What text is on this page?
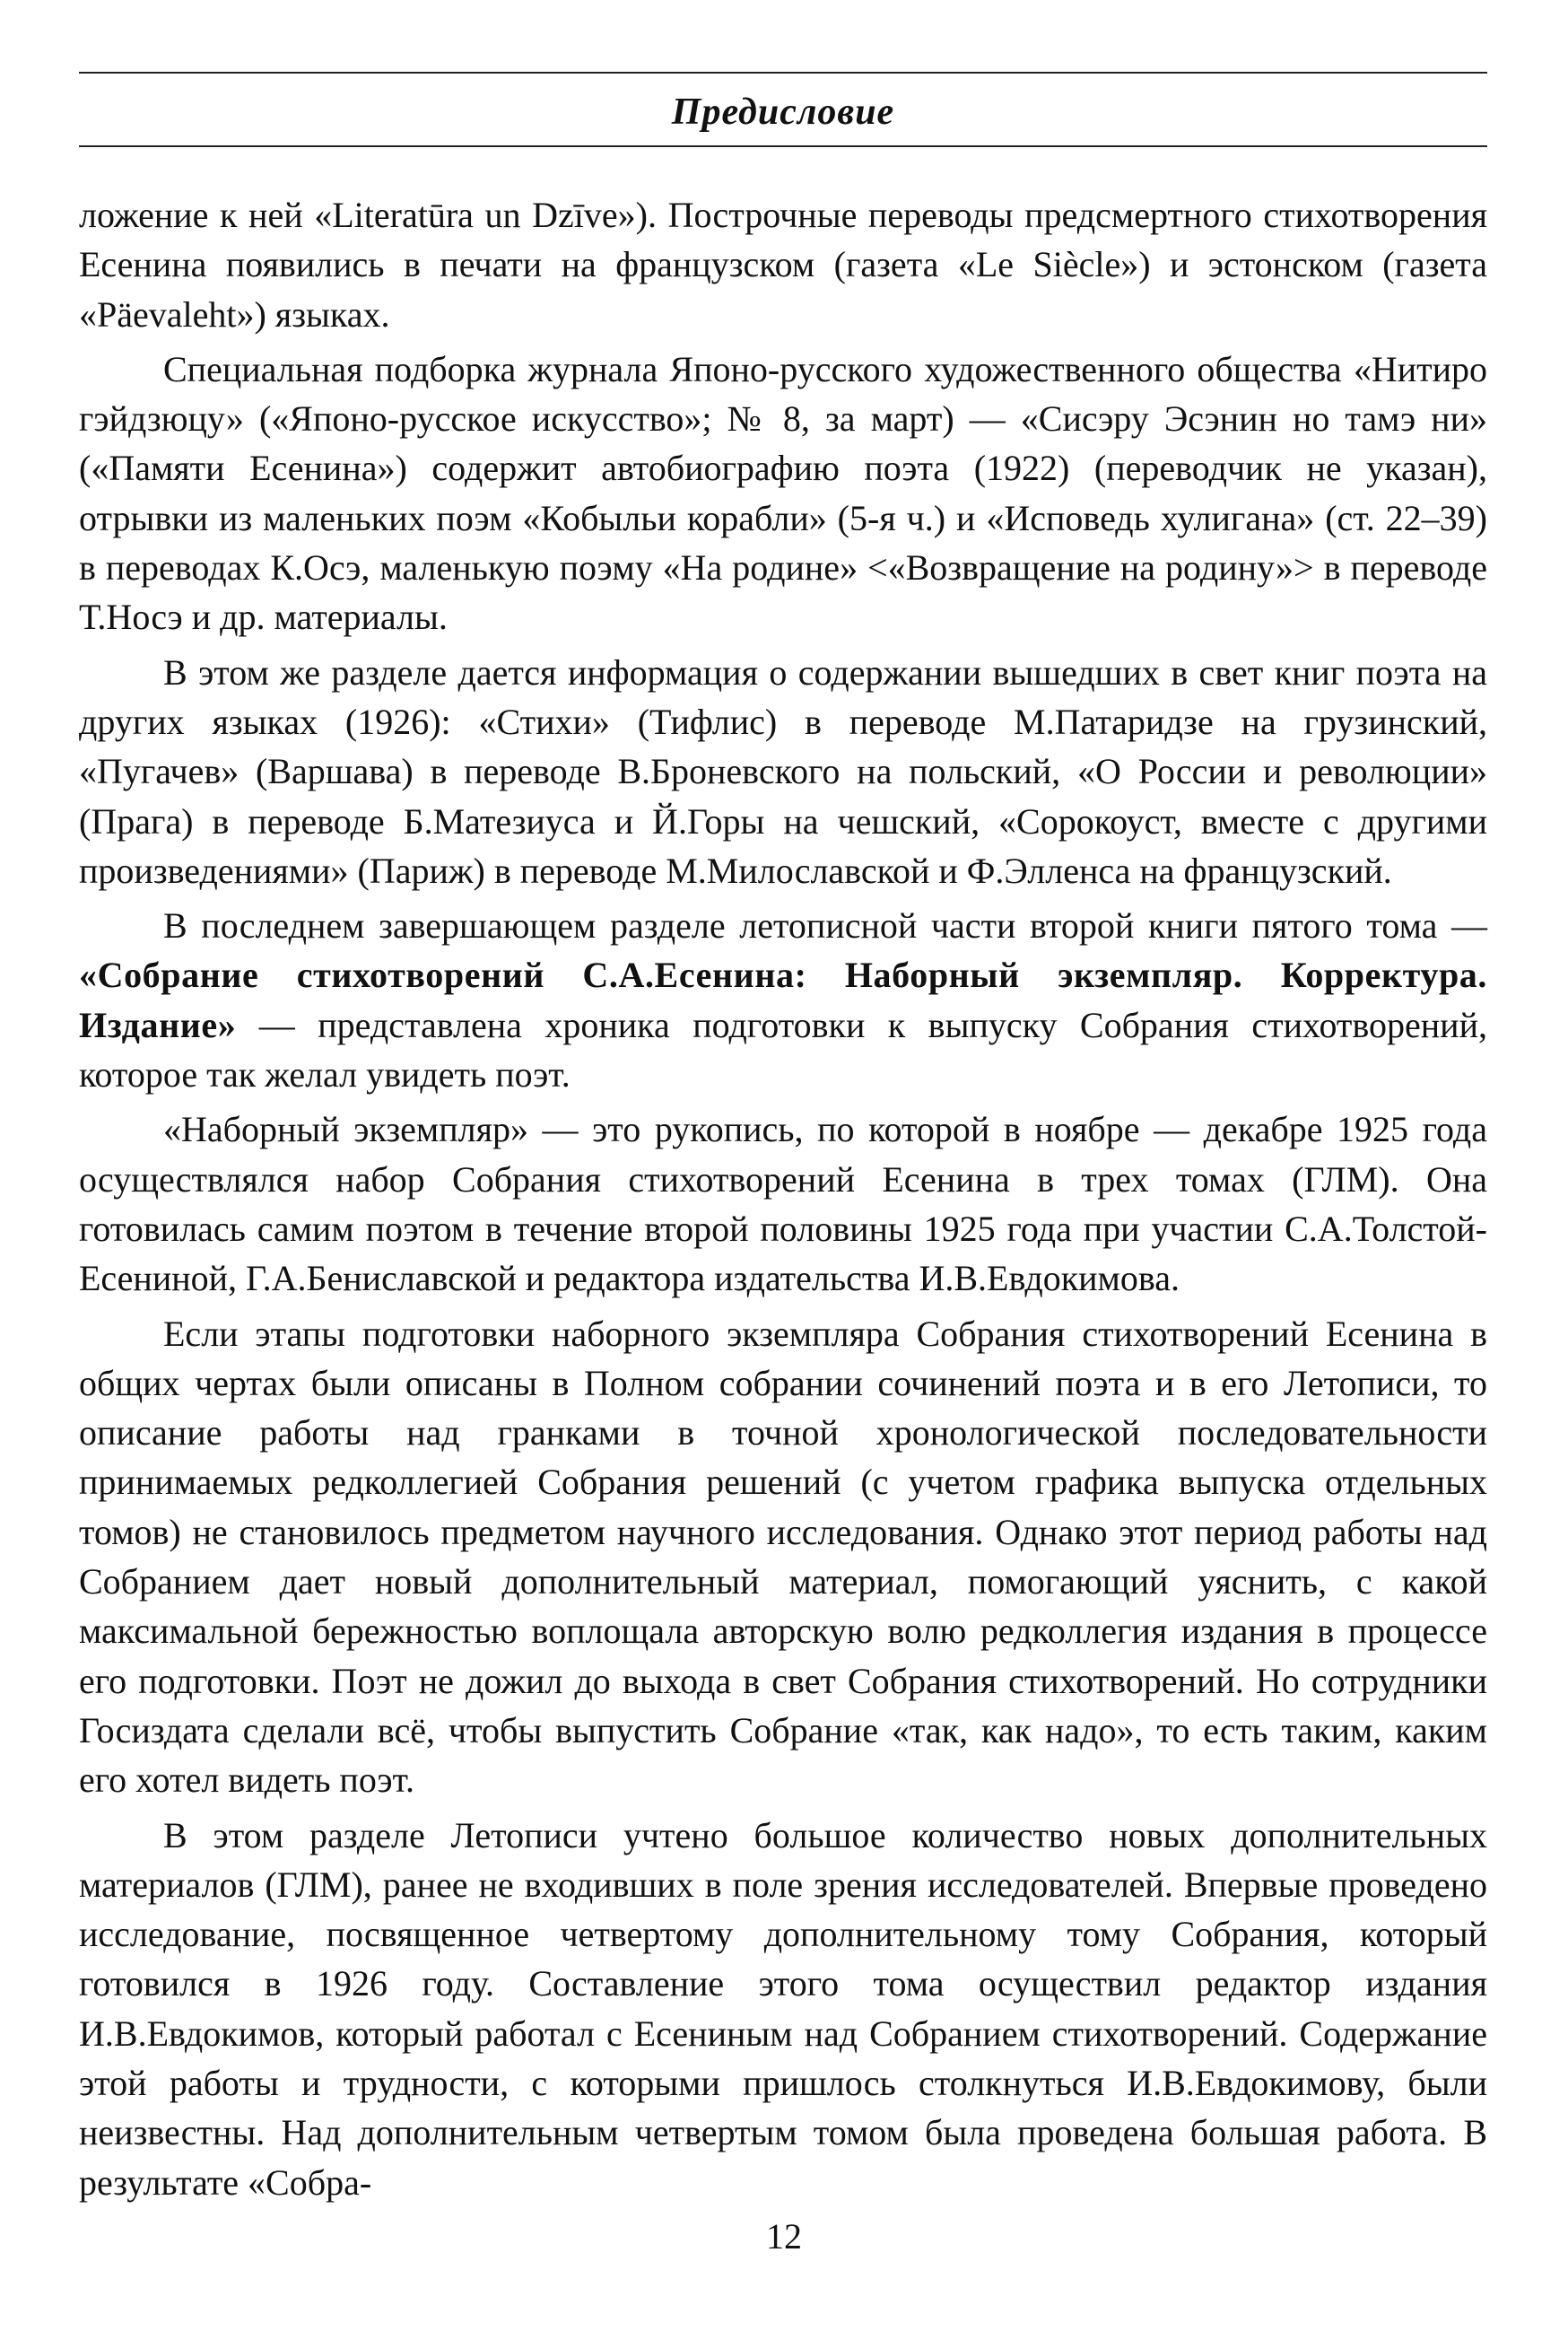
Предисловие

ложение к ней «Literatūra un Dzīve»). Построчные переводы предсмертного стихотворения Есенина появились в печати на французском (газета «Le Siècle») и эстонском (газета «Päevaleht») языках.

Специальная подборка журнала Японо-русского художественного общества «Нитиро гэйдзюцу» («Японо-русское искусство»; № 8, за март) — «Сисэру Эсэнин но тамэ ни» («Памяти Есенина») содержит автобиографию поэта (1922) (переводчик не указан), отрывки из маленьких поэм «Кобыльи корабли» (5-я ч.) и «Исповедь хулигана» (ст. 22–39) в переводах К.Осэ, маленькую поэму «На родине» <«Возвращение на родину»> в переводе Т.Носэ и др. материалы.

В этом же разделе дается информация о содержании вышедших в свет книг поэта на других языках (1926): «Стихи» (Тифлис) в переводе М.Патаридзе на грузинский, «Пугачев» (Варшава) в переводе В.Броневского на польский, «О России и революции» (Прага) в переводе Б.Матезиуса и Й.Горы на чешский, «Сорокоуст, вместе с другими произведениями» (Париж) в переводе М.Милославской и Ф.Элленса на французский.

В последнем завершающем разделе летописной части второй книги пятого тома — «Собрание стихотворений С.А.Есенина: Наборный экземпляр. Корректура. Издание» — представлена хроника подготовки к выпуску Собрания стихотворений, которое так желал увидеть поэт.

«Наборный экземпляр» — это рукопись, по которой в ноябре — декабре 1925 года осуществлялся набор Собрания стихотворений Есенина в трех томах (ГЛМ). Она готовилась самим поэтом в течение второй половины 1925 года при участии С.А.Толстой-Есениной, Г.А.Бениславской и редактора издательства И.В.Евдокимова.

Если этапы подготовки наборного экземпляра Собрания стихотворений Есенина в общих чертах были описаны в Полном собрании сочинений поэта и в его Летописи, то описание работы над гранками в точной хронологической последовательности принимаемых редколлегией Собрания решений (с учетом графика выпуска отдельных томов) не становилось предметом научного исследования. Однако этот период работы над Собранием дает новый дополнительный материал, помогающий уяснить, с какой максимальной бережностью воплощала авторскую волю редколлегия издания в процессе его подготовки. Поэт не дожил до выхода в свет Собрания стихотворений. Но сотрудники Госиздата сделали всё, чтобы выпустить Собрание «так, как надо», то есть таким, каким его хотел видеть поэт.

В этом разделе Летописи учтено большое количество новых дополнительных материалов (ГЛМ), ранее не входивших в поле зрения исследователей. Впервые проведено исследование, посвященное четвертому дополнительному тому Собрания, который готовился в 1926 году. Составление этого тома осуществил редактор издания И.В.Евдокимов, который работал с Есениным над Собранием стихотворений. Содержание этой работы и трудности, с которыми пришлось столкнуться И.В.Евдокимову, были неизвестны. Над дополнительным четвертым томом была проведена большая работа. В результате «Собра-

12
